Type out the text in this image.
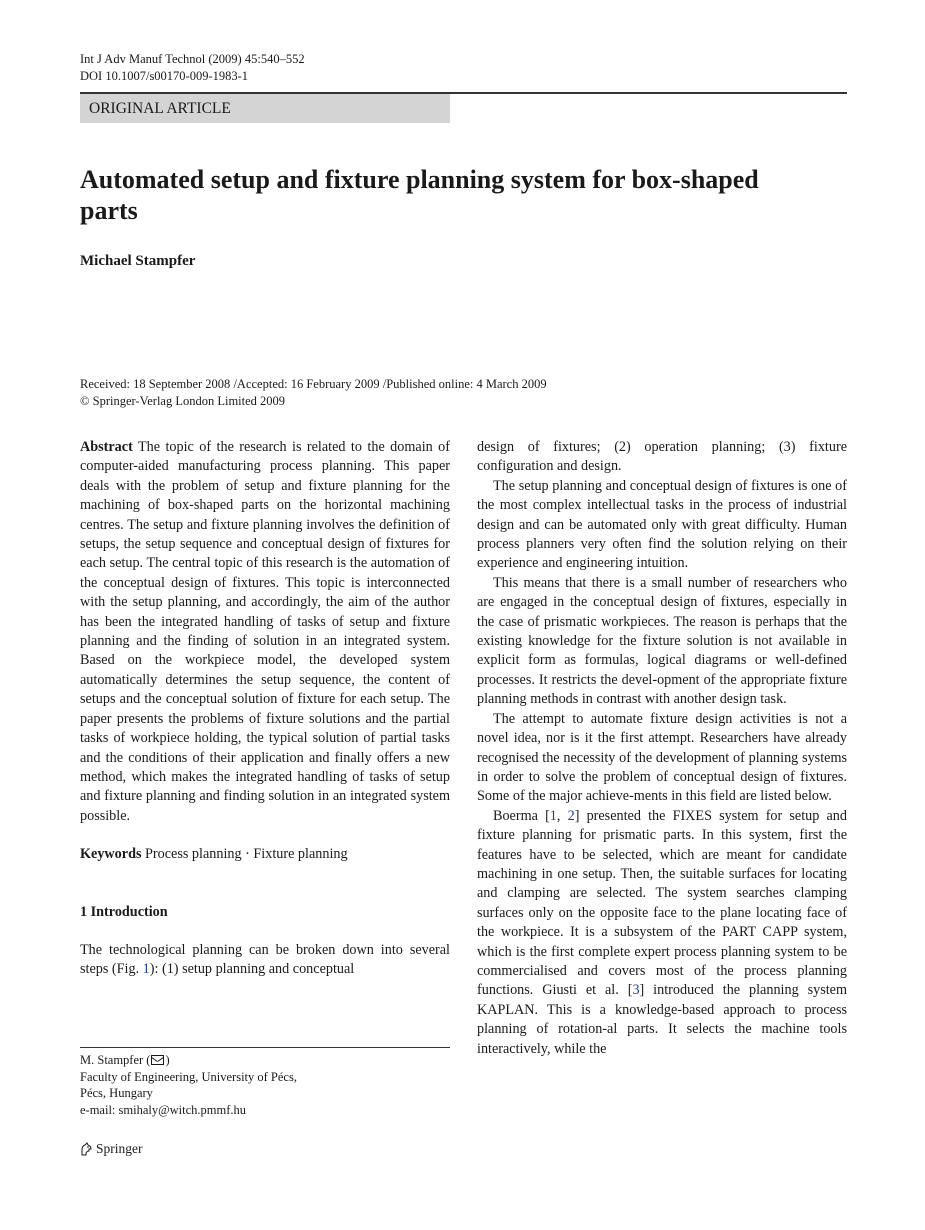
Int J Adv Manuf Technol (2009) 45:540–552
DOI 10.1007/s00170-009-1983-1
ORIGINAL ARTICLE
Automated setup and fixture planning system for box-shaped parts
Michael Stampfer
Received: 18 September 2008 /Accepted: 16 February 2009 /Published online: 4 March 2009
© Springer-Verlag London Limited 2009

Abstract The topic of the research is related to the domain of computer-aided manufacturing process planning. This paper deals with the problem of setup and fixture planning for the machining of box-shaped parts on the horizontal machining centres. The setup and fixture planning involves the definition of setups, the setup sequence and conceptual design of fixtures for each setup. The central topic of this research is the automation of the conceptual design of fixtures. This topic is interconnected with the setup planning, and accordingly, the aim of the author has been the integrated handling of tasks of setup and fixture planning and the finding of solution in an integrated system. Based on the workpiece model, the developed system automatically determines the setup sequence, the content of setups and the conceptual solution of fixture for each setup. The paper presents the problems of fixture solutions and the partial tasks of workpiece holding, the typical solution of partial tasks and the conditions of their application and finally offers a new method, which makes the integrated handling of tasks of setup and fixture planning and finding solution in an integrated system possible.

Keywords Process planning · Fixture planning

1 Introduction

The technological planning can be broken down into several steps (Fig. 1): (1) setup planning and conceptual

M. Stampfer ( )
Faculty of Engineering, University of Pécs,
Pécs, Hungary
e-mail: smihaly@witch.pmmf.hu

design of fixtures; (2) operation planning; (3) fixture configuration and design.

The setup planning and conceptual design of fixtures is one of the most complex intellectual tasks in the process of industrial design and can be automated only with great difficulty. Human process planners very often find the solution relying on their experience and engineering intuition.

This means that there is a small number of researchers who are engaged in the conceptual design of fixtures, especially in the case of prismatic workpieces. The reason is perhaps that the existing knowledge for the fixture solution is not available in explicit form as formulas, logical diagrams or well-defined processes. It restricts the devel-opment of the appropriate fixture planning methods in contrast with another design task.

The attempt to automate fixture design activities is not a novel idea, nor is it the first attempt. Researchers have already recognised the necessity of the development of planning systems in order to solve the problem of conceptual design of fixtures. Some of the major achieve-ments in this field are listed below.

Boerma [1, 2] presented the FIXES system for setup and fixture planning for prismatic parts. In this system, first the features have to be selected, which are meant for candidate machining in one setup. Then, the suitable surfaces for locating and clamping are selected. The system searches clamping surfaces only on the opposite face to the plane locating face of the workpiece. It is a subsystem of the PART CAPP system, which is the first complete expert process planning system to be commercialised and covers most of the process planning functions. Giusti et al. [3] introduced the planning system KAPLAN. This is a knowledge-based approach to process planning of rotation-al parts. It selects the machine tools interactively, while the

Springer
